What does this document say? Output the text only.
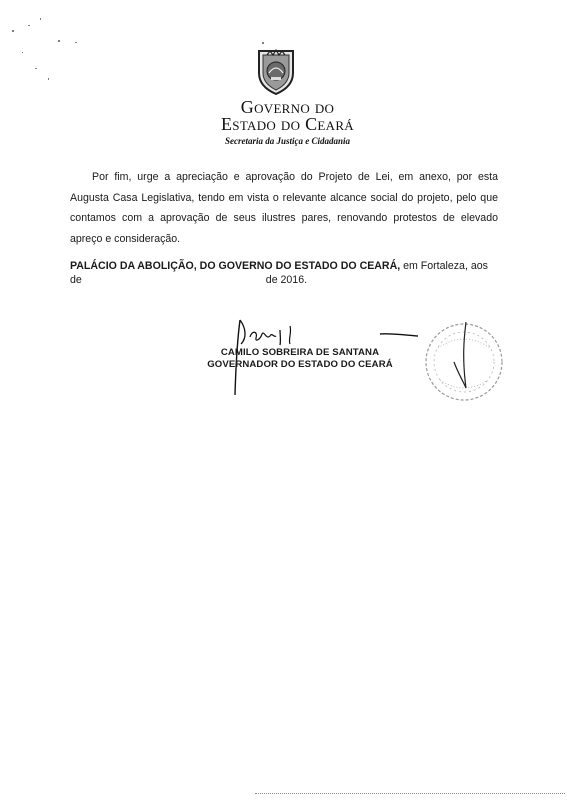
Governo do
Estado do Ceará
Secretaria da Justiça e Cidadania
Por fim, urge a apreciação e aprovação do Projeto de Lei, em anexo, por esta Augusta Casa Legislativa, tendo em vista o relevante alcance social do projeto, pelo que contamos com a aprovação de seus ilustres pares, renovando protestos de elevado apreço e consideração.
PALÁCIO DA ABOLIÇÃO, DO GOVERNO DO ESTADO DO CEARÁ, em Fortaleza, aos
de	de 2016.
CAMILO SOBREIRA DE SANTANA
GOVERNADOR DO ESTADO DO CEARÁ
